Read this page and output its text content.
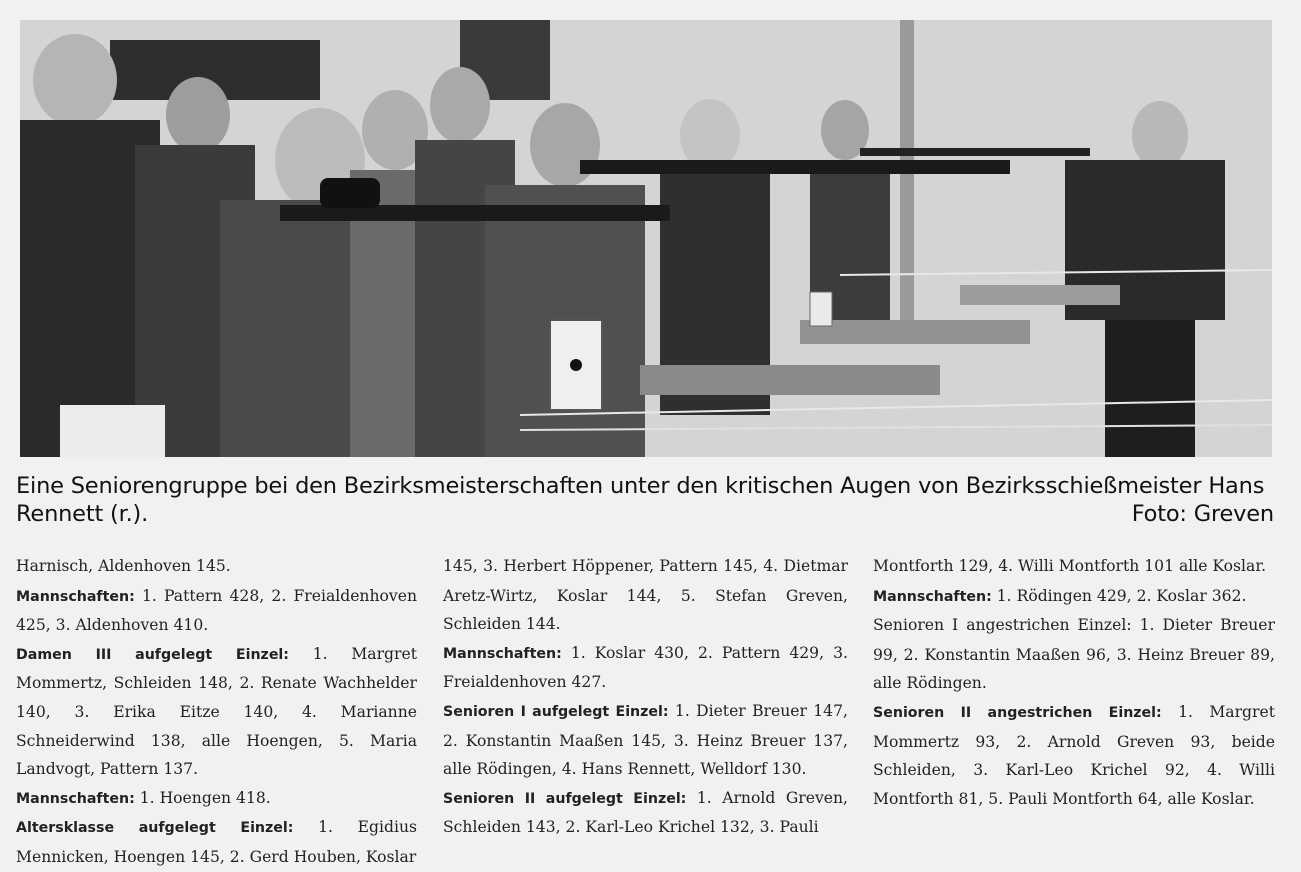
Eine Seniorengruppe bei den Bezirksmeisterschaften unter den kritischen Augen von Bezirksschießmeister Hans
Rennett (r.).	Foto: Greven

Harnisch, Aldenhoven 145.

Mannschaften: 1. Pattern 428, 2. Freialdenhoven 425, 3. Aldenhoven 410.

Damen III aufgelegt Einzel: 1. Margret Mommertz, Schleiden 148, 2. Renate Wachhelder 140, 3. Erika Eitze 140, 4. Marianne Schneiderwind 138, alle Hoengen, 5. Maria Landvogt, Pattern 137.

Mannschaften: 1. Hoengen 418.

Altersklasse aufgelegt Einzel: 1. Egidius Mennicken, Hoengen 145, 2. Gerd Houben, Koslar

145, 3. Herbert Höppener, Pattern 145, 4. Dietmar Aretz-Wirtz, Koslar 144, 5. Stefan Greven, Schleiden 144.

Mannschaften: 1. Koslar 430, 2. Pattern 429, 3. Freialdenhoven 427.

Senioren I aufgelegt Einzel: 1. Dieter Breuer 147, 2. Konstantin Maaßen 145, 3. Heinz Breuer 137, alle Rödingen, 4. Hans Rennett, Welldorf 130.

Senioren II aufgelegt Einzel: 1. Arnold Greven, Schleiden 143, 2. Karl-Leo Krichel 132, 3. Pauli

Montforth 129, 4. Willi Montforth 101 alle Koslar.

Mannschaften: 1. Rödingen 429, 2. Koslar 362.

Senioren I angestrichen Einzel: 1. Dieter Breuer 99, 2. Konstantin Maaßen 96, 3. Heinz Breuer 89, alle Rödingen.

Senioren II angestrichen Einzel: 1. Margret Mommertz 93, 2. Arnold Greven 93, beide Schleiden, 3. Karl-Leo Krichel 92, 4. Willi Montforth 81, 5. Pauli Montforth 64, alle Koslar.
